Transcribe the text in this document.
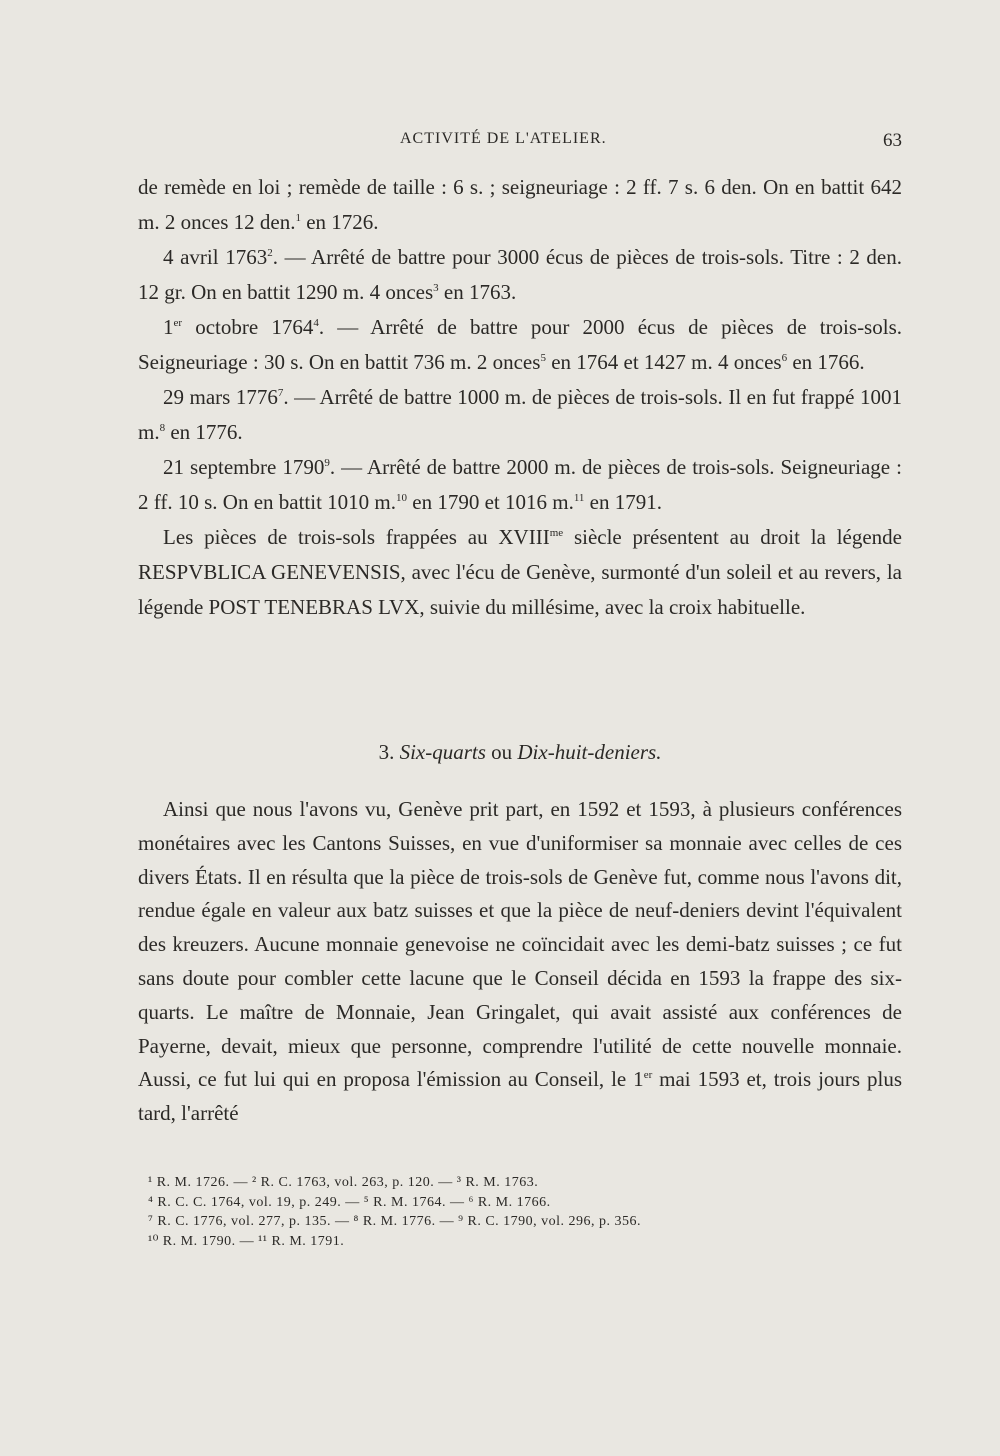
ACTIVITÉ DE L'ATELIER.	63

de remède en loi ; remède de taille : 6 s. ; seigneuriage : 2 ff. 7 s. 6 den. On en battit 642 m. 2 onces 12 den.$^1$ en 1726.

4 avril 1763$^2$. — Arrêté de battre pour 3000 écus de pièces de trois-sols. Titre : 2 den. 12 gr. On en battit 1290 m. 4 onces$^3$ en 1763.

1er octobre 1764$^4$. — Arrêté de battre pour 2000 écus de pièces de trois-sols. Seigneuriage : 30 s. On en battit 736 m. 2 onces$^5$ en 1764 et 1427 m. 4 onces$^6$ en 1766.

29 mars 1776$^7$. — Arrêté de battre 1000 m. de pièces de trois-sols. Il en fut frappé 1001 m.$^8$ en 1776.

21 septembre 1790$^9$. — Arrêté de battre 2000 m. de pièces de trois-sols. Seigneuriage : 2 ff. 10 s. On en battit 1010 m.$^{10}$ en 1790 et 1016 m.$^{11}$ en 1791.

Les pièces de trois-sols frappées au $XVIII^{me}$ siècle présentent au droit la légende RESPVBLICA GENEVENSIS, avec l'écu de Genève, surmonté d'un soleil et au revers, la légende POST TENEBRAS LVX, suivie du millésime, avec la croix habituelle.

3. Six-quarts ou Dix-huit-deniers.

Ainsi que nous l'avons vu, Genève prit part, en 1592 et 1593, à plusieurs conférences monétaires avec les Cantons Suisses, en vue d'uniformiser sa monnaie avec celles de ces divers États. Il en résulta que la pièce de trois-sols de Genève fut, comme nous l'avons dit, rendue égale en valeur aux batz suisses et que la pièce de neuf-deniers devint l'équivalent des kreuzers. Aucune monnaie genevoise ne coïncidait avec les demi-batz suisses ; ce fut sans doute pour combler cette lacune que le Conseil décida en 1593 la frappe des six-quarts. Le maître de Monnaie, Jean Gringalet, qui avait assisté aux conférences de Payerne, devait, mieux que personne, comprendre l'utilité de cette nouvelle monnaie. Aussi, ce fut lui qui en proposa l'émission au Conseil, le 1er mai 1593 et, trois jours plus tard, l'arrêté

¹ R. M. 1726. — ² R. C. 1763, vol. 263, p. 120. — ³ R. M. 1763.
⁴ R. C. C. 1764, vol. 19, p. 249. — ⁵ R. M. 1764. — ⁶ R. M. 1766.
⁷ R. C. 1776, vol. 277, p. 135. — ⁸ R. M. 1776. — ⁹ R. C. 1790, vol. 296, p. 356.
¹⁰ R. M. 1790. — ¹¹ R. M. 1791.
